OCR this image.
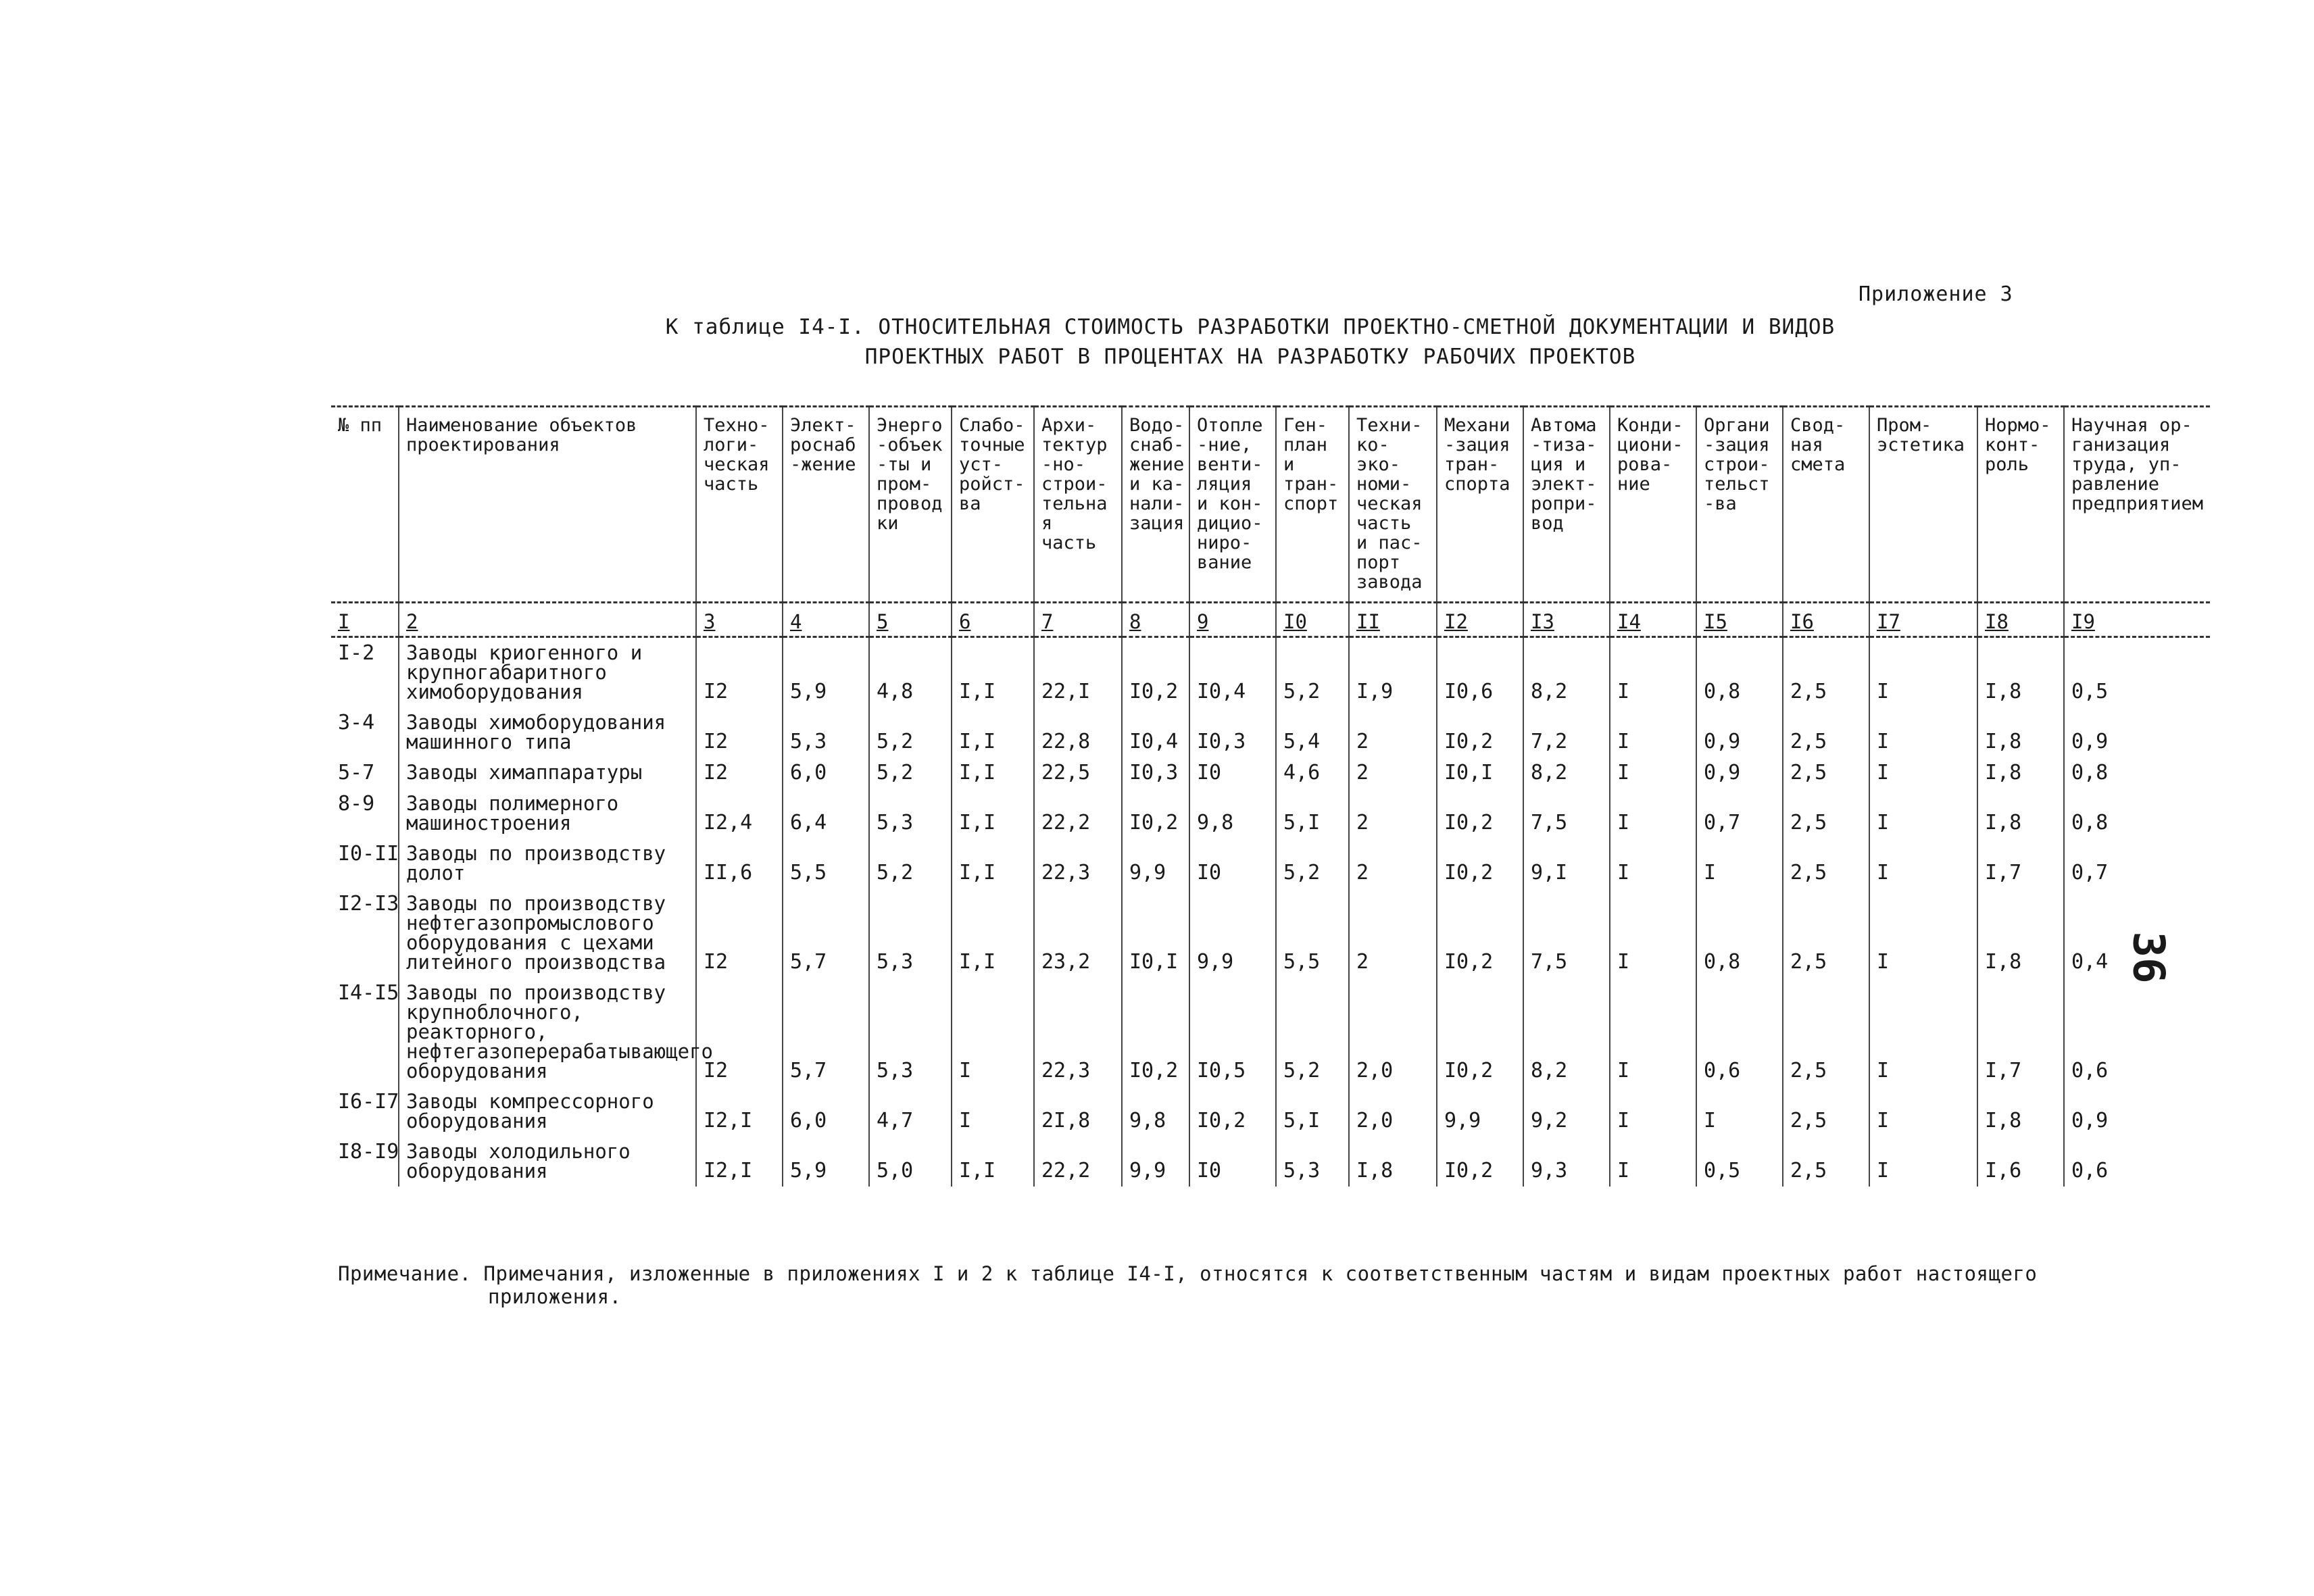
Приложение 3
К таблице I4-I. ОТНОСИТЕЛЬНАЯ СТОИМОСТЬ РАЗРАБОТКИ ПРОЕКТНО-СМЕТНОЙ ДОКУМЕНТАЦИИ И ВИДОВ
ПРОЕКТНЫХ РАБОТ В ПРОЦЕНТАХ НА РАЗРАБОТКУ РАБОЧИХ ПРОЕКТОВ
36
№ пп	Наименование объектов проектирования	Техно-логи-ческая часть	Элект-роснаб-жение	Энерго-объек-ты и пром-проводки	Слабо-точные уст-ройст-ва	Архи-тектур-но-строи-тельная часть	Водо-снаб-жение и ка-нали-зация	Отопле-ние, венти-ляция и кон-дицио-ниро-вание	Ген-план и тран-спорт	Техни-ко-эко-номи-ческая часть и пас-порт завода	Механи-зация тран-спорта	Автома-тиза-ция и элект-ропри-вод	Конди-циони-рова-ние	Органи-зация строи-тельст-ва	Свод-ная смета	Пром-эстетика	Нормо-конт-роль	Научная ор-ганизация труда, уп-равление предприятием
I	2	3	4	5	6	7	8	9	I0	II	I2	I3	I4	I5	I6	I7	I8	I9
I-2	Заводы криогенного и крупногабаритного химоборудования	I2	5,9	4,8	I,I	22,I	I0,2	I0,4	5,2	I,9	I0,6	8,2	I	0,8	2,5	I	I,8	0,5
3-4	Заводы химоборудования машинного типа	I2	5,3	5,2	I,I	22,8	I0,4	I0,3	5,4	2	I0,2	7,2	I	0,9	2,5	I	I,8	0,9
5-7	Заводы химаппаратуры	I2	6,0	5,2	I,I	22,5	I0,3	I0	4,6	2	I0,I	8,2	I	0,9	2,5	I	I,8	0,8
8-9	Заводы полимерного машиностроения	I2,4	6,4	5,3	I,I	22,2	I0,2	9,8	5,I	2	I0,2	7,5	I	0,7	2,5	I	I,8	0,8
I0-II	Заводы по производству долот	II,6	5,5	5,2	I,I	22,3	9,9	I0	5,2	2	I0,2	9,I	I	I	2,5	I	I,7	0,7
I2-I3	Заводы по производству нефтегазопромыслового оборудования с цехами литейного производства	I2	5,7	5,3	I,I	23,2	I0,I	9,9	5,5	2	I0,2	7,5	I	0,8	2,5	I	I,8	0,4
I4-I5	Заводы по производству крупноблочного, реакторного, нефтегазоперерабатывающего оборудования	I2	5,7	5,3	I	22,3	I0,2	I0,5	5,2	2,0	I0,2	8,2	I	0,6	2,5	I	I,7	0,6
I6-I7	Заводы компрессорного оборудования	I2,I	6,0	4,7	I	2I,8	9,8	I0,2	5,I	2,0	9,9	9,2	I	I	2,5	I	I,8	0,9
I8-I9	Заводы холодильного оборудования	I2,I	5,9	5,0	I,I	22,2	9,9	I0	5,3	I,8	I0,2	9,3	I	0,5	2,5	I	I,6	0,6
Примечание. Примечания, изложенные в приложениях I и 2 к таблице I4-I, относятся к соответственным частям и видам проектных работ настоящего
приложения.
